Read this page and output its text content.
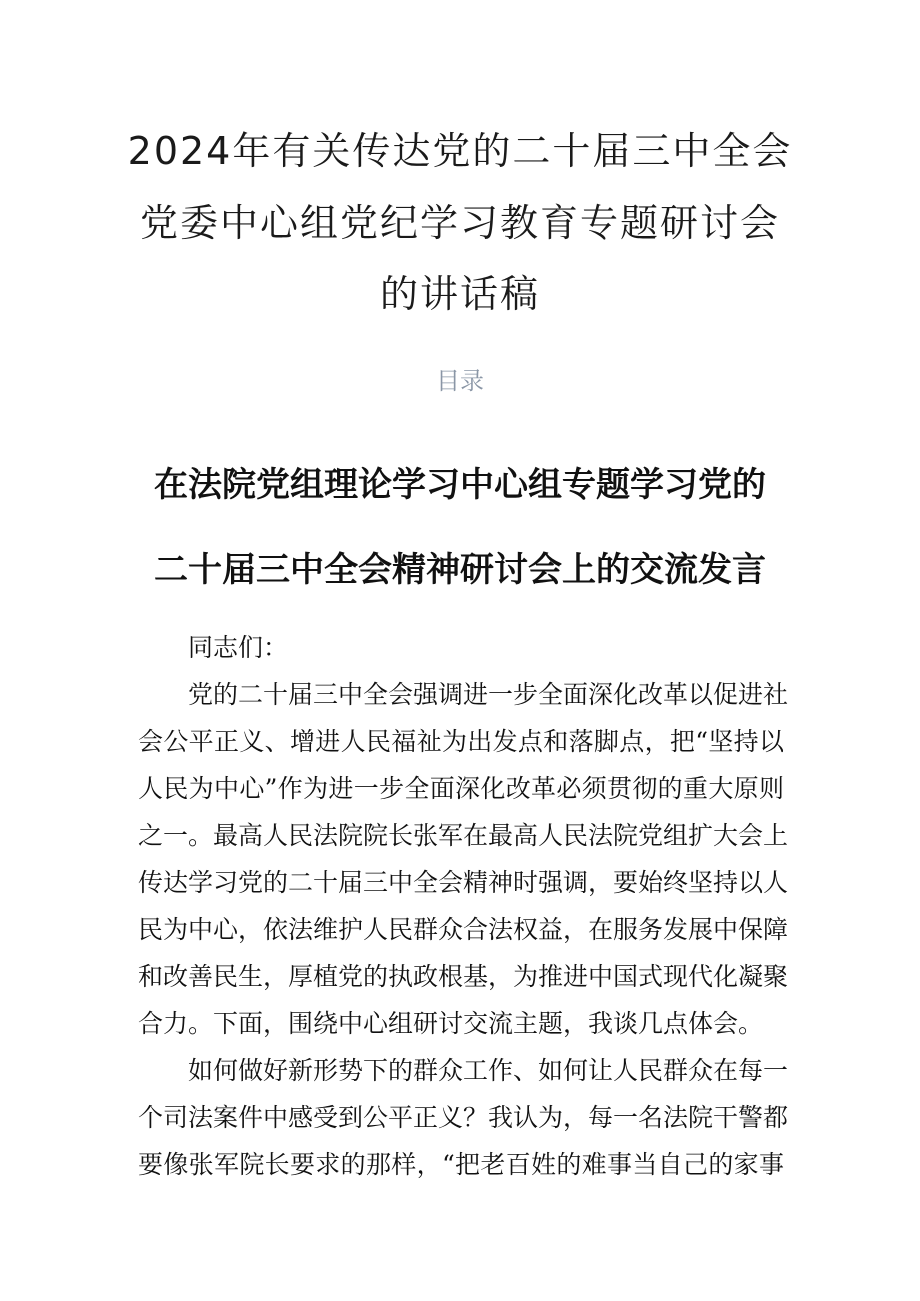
2024年有关传达党的二十届三中全会
党委中心组党纪学习教育专题研讨会
的讲话稿
目录
在法院党组理论学习中心组专题学习党的
二十届三中全会精神研讨会上的交流发言
同志们：
党的二十届三中全会强调进一步全面深化改革以促进社
会公平正义、增进人民福祉为出发点和落脚点，把“坚持以
人民为中心”作为进一步全面深化改革必须贯彻的重大原则
之一。最高人民法院院长张军在最高人民法院党组扩大会上
传达学习党的二十届三中全会精神时强调，要始终坚持以人
民为中心，依法维护人民群众合法权益，在服务发展中保障
和改善民生，厚植党的执政根基，为推进中国式现代化凝聚
合力。下面，围绕中心组研讨交流主题，我谈几点体会。
如何做好新形势下的群众工作、如何让人民群众在每一
个司法案件中感受到公平正义？我认为，每一名法院干警都
要像张军院长要求的那样，“把老百姓的难事当自己的家事
